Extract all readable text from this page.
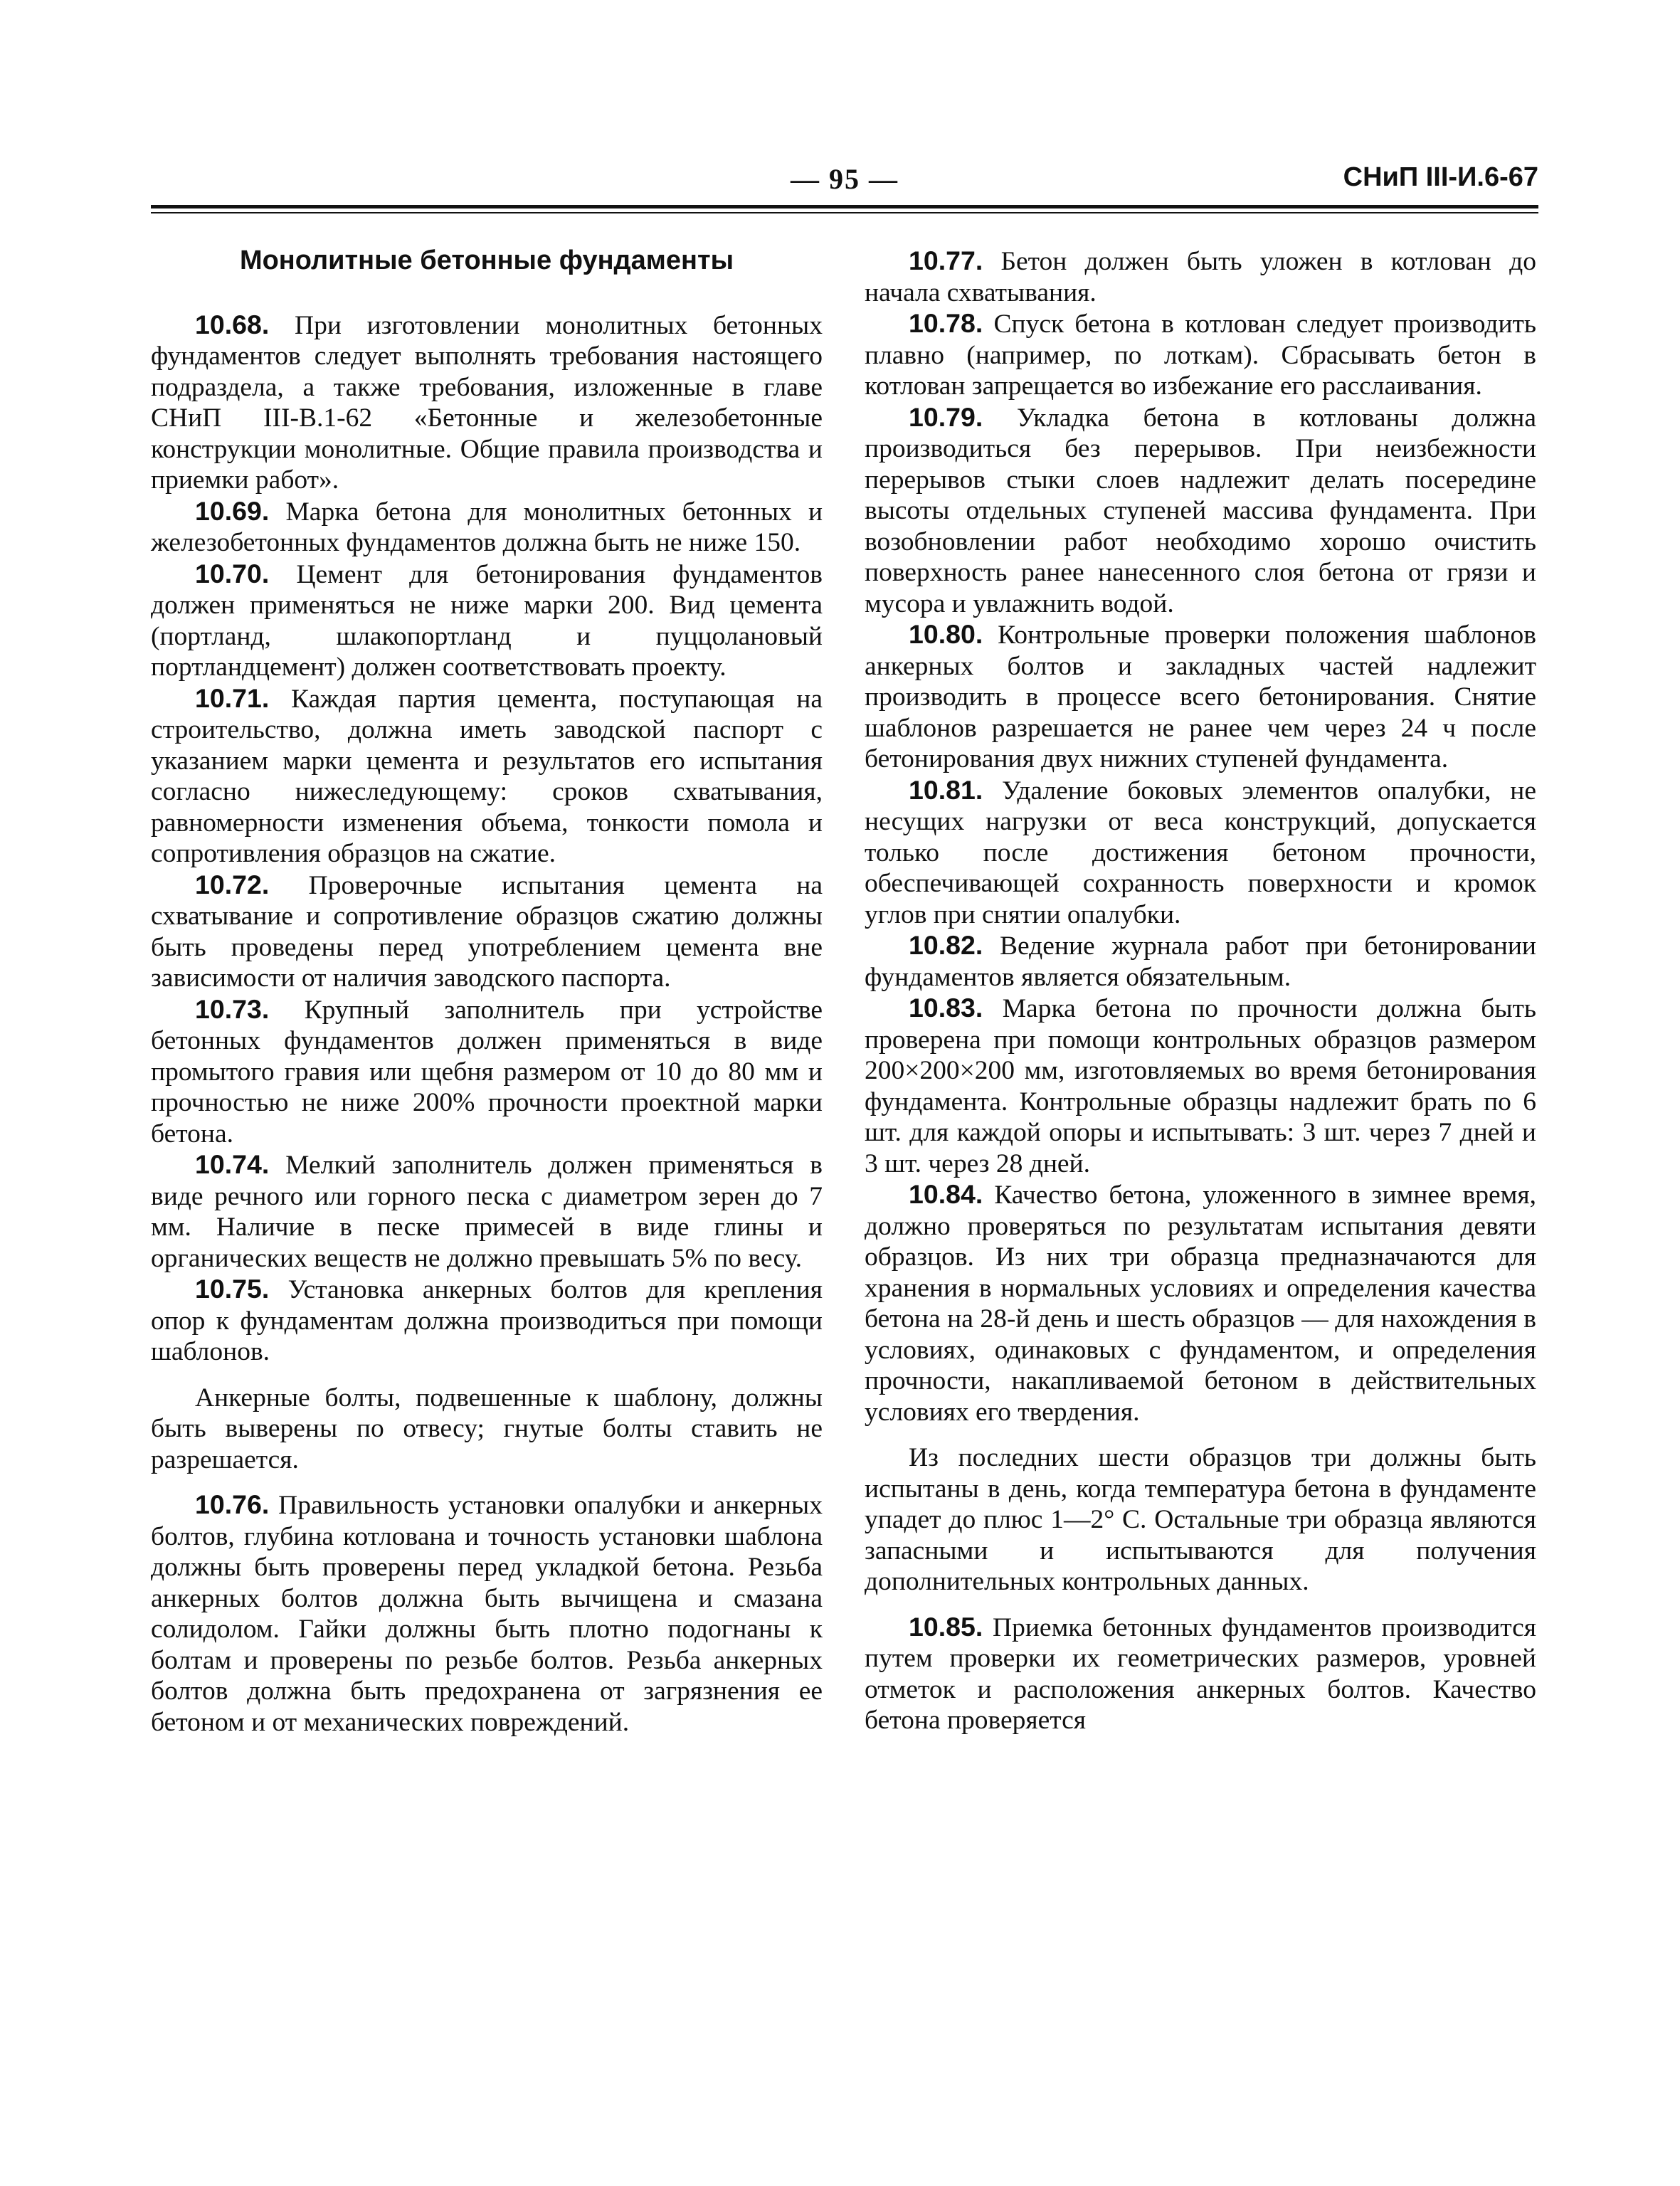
— 95 —	СНиП III-И.6-67
Монолитные бетонные фундаменты

10.68. При изготовлении монолитных бетонных фундаментов следует выполнять требования настоящего подраздела, а также требования, изложенные в главе СНиП III-В.1-62 «Бетонные и железобетонные конструкции монолитные. Общие правила производства и приемки работ».

10.69. Марка бетона для монолитных бетонных и железобетонных фундаментов должна быть не ниже 150.

10.70. Цемент для бетонирования фундаментов должен применяться не ниже марки 200. Вид цемента (портланд, шлакопортланд и пуццолановый портландцемент) должен соответствовать проекту.

10.71. Каждая партия цемента, поступающая на строительство, должна иметь заводской паспорт с указанием марки цемента и результатов его испытания согласно нижеследующему: сроков схватывания, равномерности изменения объема, тонкости помола и сопротивления образцов на сжатие.

10.72. Проверочные испытания цемента на схватывание и сопротивление образцов сжатию должны быть проведены перед употреблением цемента вне зависимости от наличия заводского паспорта.

10.73. Крупный заполнитель при устройстве бетонных фундаментов должен применяться в виде промытого гравия или щебня размером от 10 до 80 мм и прочностью не ниже 200% прочности проектной марки бетона.

10.74. Мелкий заполнитель должен применяться в виде речного или горного песка с диаметром зерен до 7 мм. Наличие в песке примесей в виде глины и органических веществ не должно превышать 5% по весу.

10.75. Установка анкерных болтов для крепления опор к фундаментам должна производиться при помощи шаблонов.

Анкерные болты, подвешенные к шаблону, должны быть выверены по отвесу; гнутые болты ставить не разрешается.

10.76. Правильность установки опалубки и анкерных болтов, глубина котлована и точность установки шаблона должны быть проверены перед укладкой бетона. Резьба анкерных болтов должна быть вычищена и смазана солидолом. Гайки должны быть плотно подогнаны к болтам и проверены по резьбе болтов. Резьба анкерных болтов должна быть предохранена от загрязнения ее бетоном и от механических повреждений.

10.77. Бетон должен быть уложен в котлован до начала схватывания.

10.78. Спуск бетона в котлован следует производить плавно (например, по лоткам). Сбрасывать бетон в котлован запрещается во избежание его расслаивания.

10.79. Укладка бетона в котлованы должна производиться без перерывов. При неизбежности перерывов стыки слоев надлежит делать посередине высоты отдельных ступеней массива фундамента. При возобновлении работ необходимо хорошо очистить поверхность ранее нанесенного слоя бетона от грязи и мусора и увлажнить водой.

10.80. Контрольные проверки положения шаблонов анкерных болтов и закладных частей надлежит производить в процессе всего бетонирования. Снятие шаблонов разрешается не ранее чем через 24 ч после бетонирования двух нижних ступеней фундамента.

10.81. Удаление боковых элементов опалубки, не несущих нагрузки от веса конструкций, допускается только после достижения бетоном прочности, обеспечивающей сохранность поверхности и кромок углов при снятии опалубки.

10.82. Ведение журнала работ при бетонировании фундаментов является обязательным.

10.83. Марка бетона по прочности должна быть проверена при помощи контрольных образцов размером 200×200×200 мм, изготовляемых во время бетонирования фундамента. Контрольные образцы надлежит брать по 6 шт. для каждой опоры и испытывать: 3 шт. через 7 дней и 3 шт. через 28 дней.

10.84. Качество бетона, уложенного в зимнее время, должно проверяться по результатам испытания девяти образцов. Из них три образца предназначаются для хранения в нормальных условиях и определения качества бетона на 28-й день и шесть образцов — для нахождения в условиях, одинаковых с фундаментом, и определения прочности, накапливаемой бетоном в действительных условиях его твердения.

Из последних шести образцов три должны быть испытаны в день, когда температура бетона в фундаменте упадет до плюс 1—2° С. Остальные три образца являются запасными и испытываются для получения дополнительных контрольных данных.

10.85. Приемка бетонных фундаментов производится путем проверки их геометрических размеров, уровней отметок и расположения анкерных болтов. Качество бетона проверяется
